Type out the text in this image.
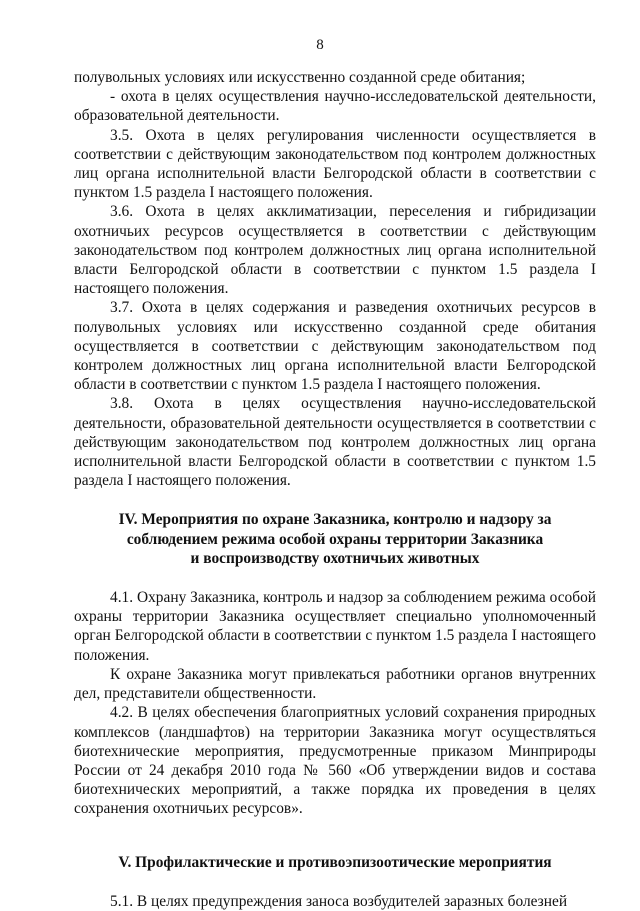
8

полувольных условиях или искусственно созданной среде обитания;

- охота в целях осуществления научно-исследовательской деятельности, образовательной деятельности.

3.5. Охота в целях регулирования численности осуществляется в соответствии с действующим законодательством под контролем должностных лиц органа исполнительной власти Белгородской области в соответствии с пунктом 1.5 раздела I настоящего положения.

3.6. Охота в целях акклиматизации, переселения и гибридизации охотничьих ресурсов осуществляется в соответствии с действующим законодательством под контролем должностных лиц органа исполнительной власти Белгородской области в соответствии с пунктом 1.5 раздела I настоящего положения.

3.7. Охота в целях содержания и разведения охотничьих ресурсов в полувольных условиях или искусственно созданной среде обитания осуществляется в соответствии с действующим законодательством под контролем должностных лиц органа исполнительной власти Белгородской области в соответствии с пунктом 1.5 раздела I настоящего положения.

3.8. Охота в целях осуществления научно-исследовательской деятельности, образовательной деятельности осуществляется в соответствии с действующим законодательством под контролем должностных лиц органа исполнительной власти Белгородской области в соответствии с пунктом 1.5 раздела I настоящего положения.

IV. Мероприятия по охране Заказника, контролю и надзору за
соблюдением режима особой охраны территории Заказника
и воспроизводству охотничьих животных

4.1. Охрану Заказника, контроль и надзор за соблюдением режима особой охраны территории Заказника осуществляет специально уполномоченный орган Белгородской области в соответствии с пунктом 1.5 раздела I настоящего положения.

К охране Заказника могут привлекаться работники органов внутренних дел, представители общественности.

4.2. В целях обеспечения благоприятных условий сохранения природных комплексов (ландшафтов) на территории Заказника могут осуществляться биотехнические мероприятия, предусмотренные приказом Минприроды России от 24 декабря 2010 года № 560 «Об утверждении видов и состава биотехнических мероприятий, а также порядка их проведения в целях сохранения охотничьих ресурсов».

V. Профилактические и противоэпизоотические мероприятия

5.1. В целях предупреждения заноса возбудителей заразных болезней
